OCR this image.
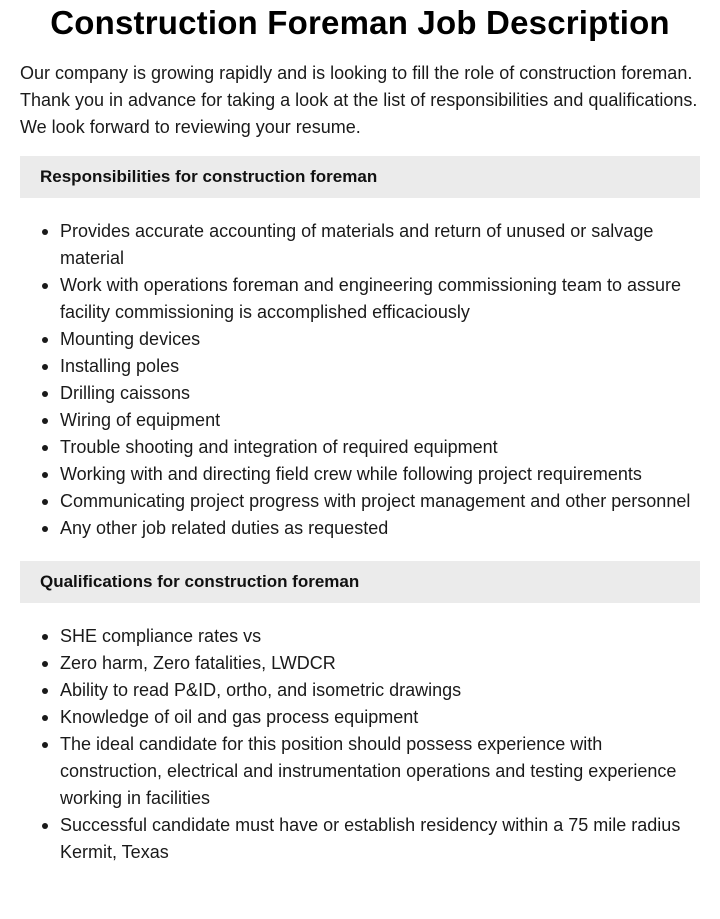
Construction Foreman Job Description

Our company is growing rapidly and is looking to fill the role of construction foreman. Thank you in advance for taking a look at the list of responsibilities and qualifications. We look forward to reviewing your resume.

Responsibilities for construction foreman
Provides accurate accounting of materials and return of unused or salvage material
Work with operations foreman and engineering commissioning team to assure facility commissioning is accomplished efficaciously
Mounting devices
Installing poles
Drilling caissons
Wiring of equipment
Trouble shooting and integration of required equipment
Working with and directing field crew while following project requirements
Communicating project progress with project management and other personnel
Any other job related duties as requested
Qualifications for construction foreman
SHE compliance rates vs
Zero harm, Zero fatalities, LWDCR
Ability to read P&ID, ortho, and isometric drawings
Knowledge of oil and gas process equipment
The ideal candidate for this position should possess experience with construction, electrical and instrumentation operations and testing experience working in facilities
Successful candidate must have or establish residency within a 75 mile radius Kermit, Texas
